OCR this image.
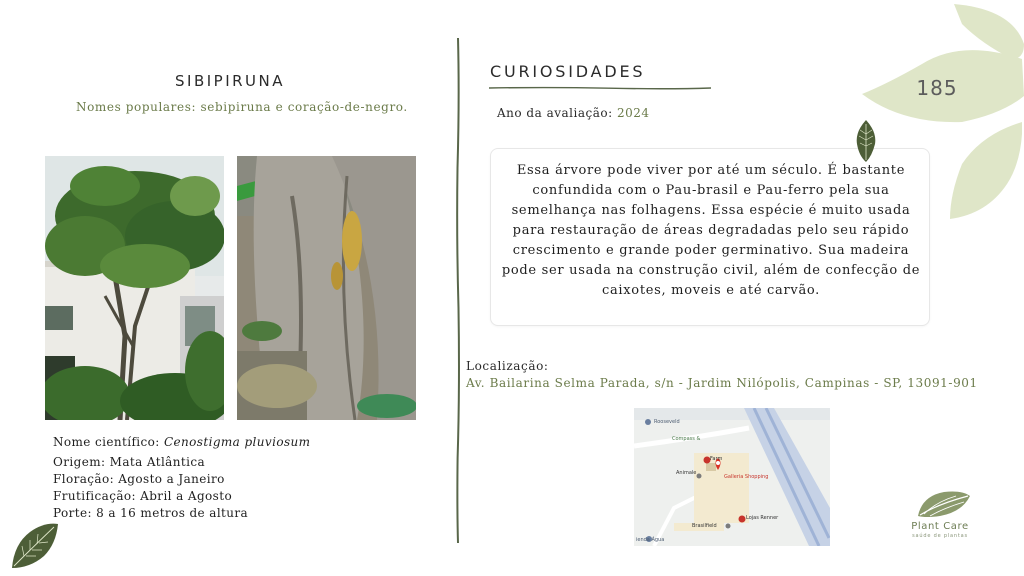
SIBIPIRUNA
Nomes populares: sebipiruna e coração-de-negro.
Nome científico: Cenostigma pluviosum
Origem: Mata Atlântica
Floração: Agosto a Janeiro
Frutificação: Abril a Agosto
Porte: 8 a 16 metros de altura
CURIOSIDADES
Ano da avaliação: 2024
Essa árvore pode viver por até um século. É bastante confundida com o Pau-brasil e Pau-ferro pela sua semelhança nas folhagens. Essa espécie é muito usada para restauração de áreas degradadas pelo seu rápido crescimento e grande poder germinativo. Sua madeira pode ser usada na construção civil, além de confecção de caixotes, moveis e até carvão.
Localização:
Av. Bailarina Selma Parada, s/n - Jardim Nilópolis, Campinas - SP, 13091-901
Rooseveld
Compass &
Farm
Galleria Shopping
Animale
Lojas Renner
Brasilfield
ienda Água
185
Plant Care
saúde de plantas
